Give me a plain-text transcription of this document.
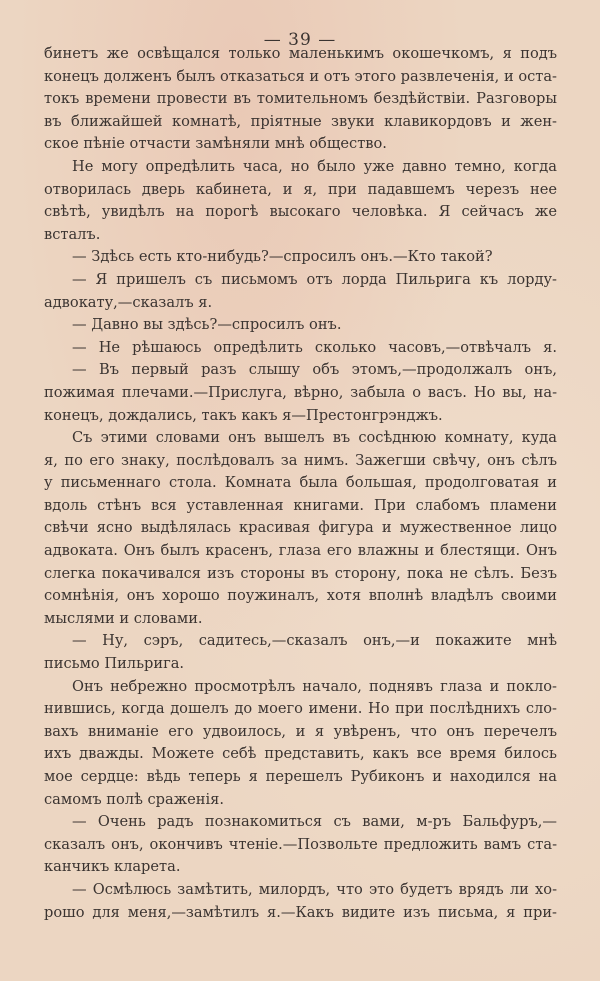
— 39 —
бинетъ же освѣщался только маленькимъ окошечкомъ, я подъ
конецъ долженъ былъ отказаться и отъ этого развлеченія, и оста-
токъ времени провести въ томительномъ бездѣйствіи. Разговоры
въ ближайшей комнатѣ, пріятные звуки клавикордовъ и жен-
ское пѣніе отчасти замѣняли мнѣ общество.
Не могу опредѣлить часа, но было уже давно темно, когда
отворилась дверь кабинета, и я, при падавшемъ черезъ нее
свѣтѣ, увидѣлъ на порогѣ высокаго человѣка. Я сейчасъ же
всталъ.
— Здѣсь есть кто-нибудь?—спросилъ онъ.—Кто такой?
— Я пришелъ съ письмомъ отъ лорда Пильрига къ лорду-
адвокату,—сказалъ я.
— Давно вы здѣсь?—спросилъ онъ.
— Не рѣшаюсь опредѣлить сколько часовъ,—отвѣчалъ я.
— Въ первый разъ слышу объ этомъ,—продолжалъ онъ,
пожимая плечами.—Прислуга, вѣрно, забыла о васъ. Но вы, на-
конецъ, дождались, такъ какъ я—Престонгрэнджъ.
Съ этими словами онъ вышелъ въ сосѣднюю комнату, куда
я, по его знаку, послѣдовалъ за нимъ. Зажегши свѣчу, онъ сѣлъ
у письменнаго стола. Комната была большая, продолговатая и
вдоль стѣнъ вся уставленная книгами. При слабомъ пламени
свѣчи ясно выдѣлялась красивая фигура и мужественное лицо
адвоката. Онъ былъ красенъ, глаза его влажны и блестящи. Онъ
слегка покачивался изъ стороны въ сторону, пока не сѣлъ. Безъ
сомнѣнія, онъ хорошо поужиналъ, хотя вполнѣ владѣлъ своими
мыслями и словами.
— Ну, сэръ, садитесь,—сказалъ онъ,—и покажите мнѣ
письмо Пильрига.
Онъ небрежно просмотрѣлъ начало, поднявъ глаза и покло-
нившись, когда дошелъ до моего имени. Но при послѣднихъ сло-
вахъ вниманіе его удвоилось, и я увѣренъ, что онъ перечелъ
ихъ дважды. Можете себѣ представить, какъ все время билось
мое сердце: вѣдь теперь я перешелъ Рубиконъ и находился на
самомъ полѣ сраженія.
— Очень радъ познакомиться съ вами, м-ръ Бальфуръ,—
сказалъ онъ, окончивъ чтеніе.—Позвольте предложить вамъ ста-
канчикъ кларета.
— Осмѣлюсь замѣтить, милордъ, что это будетъ врядъ ли хо-
рошо для меня,—замѣтилъ я.—Какъ видите изъ письма, я при-
